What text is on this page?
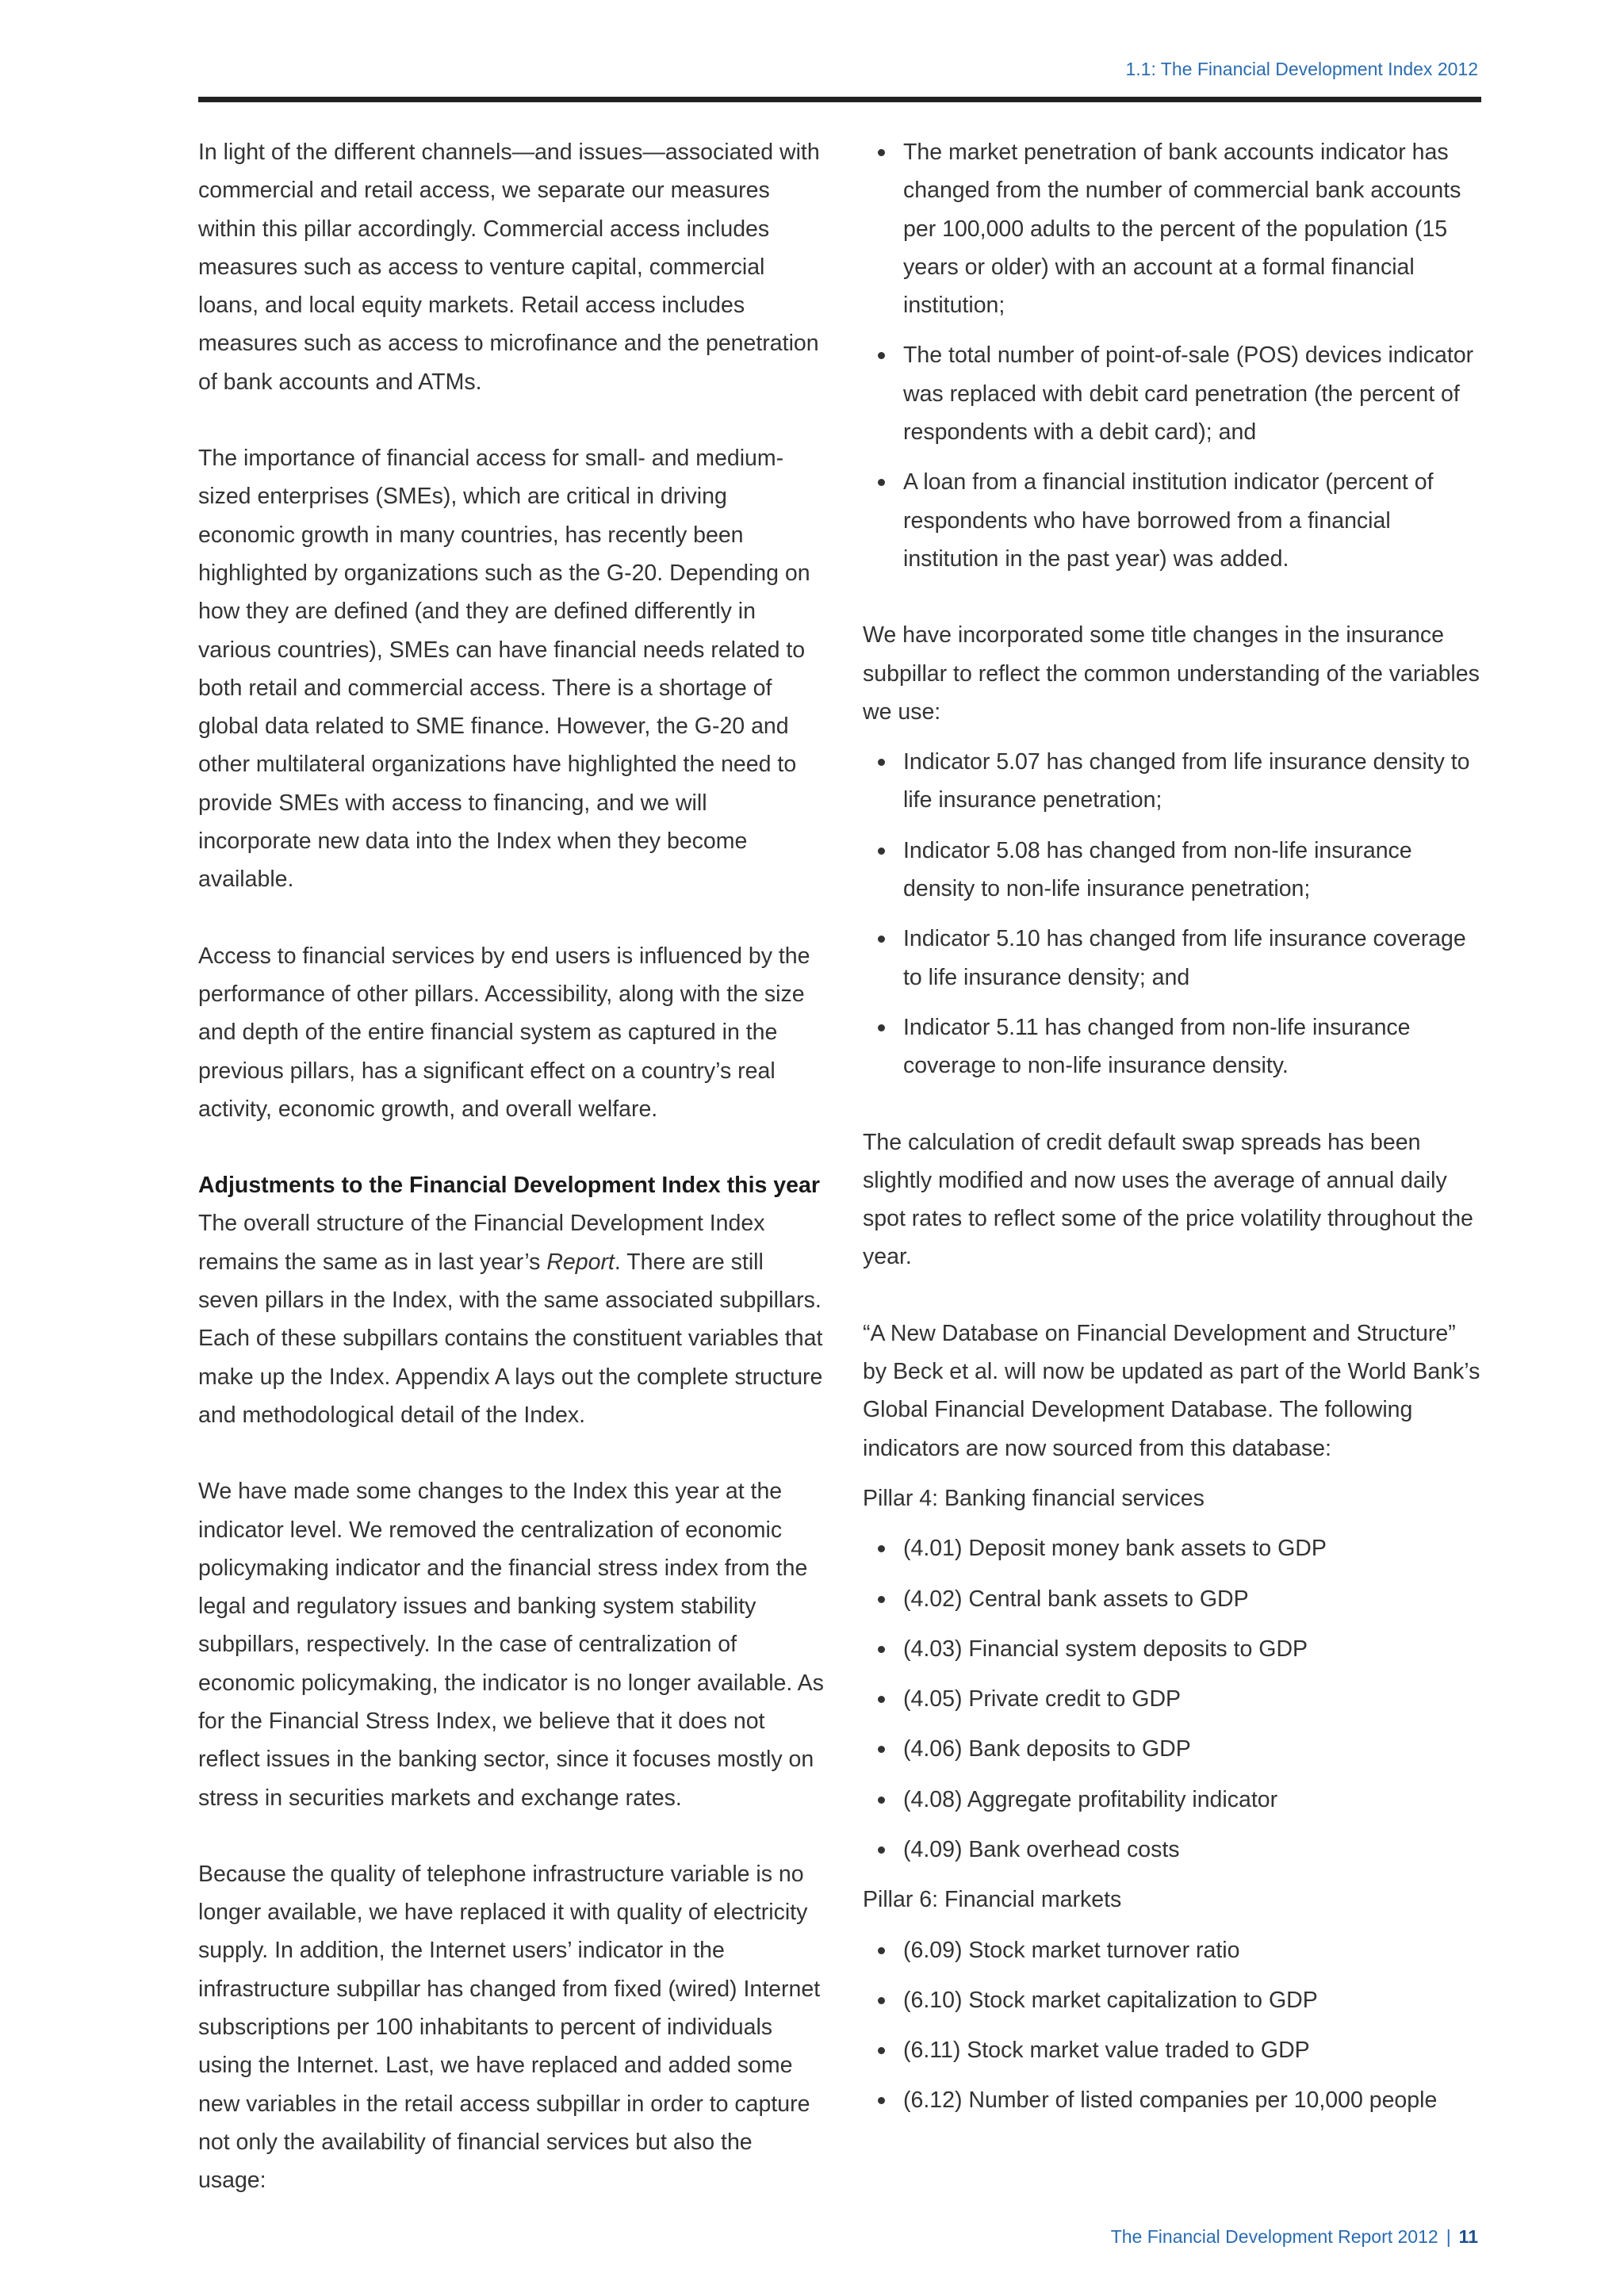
1.1: The Financial Development Index 2012

In light of the different channels—and issues—associated with commercial and retail access, we separate our measures within this pillar accordingly. Commercial access includes measures such as access to venture capital, commercial loans, and local equity markets. Retail access includes measures such as access to microfinance and the penetration of bank accounts and ATMs.

The importance of financial access for small- and medium-sized enterprises (SMEs), which are critical in driving economic growth in many countries, has recently been highlighted by organizations such as the G-20. Depending on how they are defined (and they are defined differently in various countries), SMEs can have financial needs related to both retail and commercial access. There is a shortage of global data related to SME finance. However, the G-20 and other multilateral organizations have highlighted the need to provide SMEs with access to financing, and we will incorporate new data into the Index when they become available.

Access to financial services by end users is influenced by the performance of other pillars. Accessibility, along with the size and depth of the entire financial system as captured in the previous pillars, has a significant effect on a country’s real activity, economic growth, and overall welfare.

Adjustments to the Financial Development Index this year

The overall structure of the Financial Development Index remains the same as in last year’s Report. There are still seven pillars in the Index, with the same associated subpillars. Each of these subpillars contains the constituent variables that make up the Index. Appendix A lays out the complete structure and methodological detail of the Index.

We have made some changes to the Index this year at the indicator level. We removed the centralization of economic policymaking indicator and the financial stress index from the legal and regulatory issues and banking system stability subpillars, respectively. In the case of centralization of economic policymaking, the indicator is no longer available. As for the Financial Stress Index, we believe that it does not reflect issues in the banking sector, since it focuses mostly on stress in securities markets and exchange rates.

Because the quality of telephone infrastructure variable is no longer available, we have replaced it with quality of electricity supply. In addition, the Internet users’ indicator in the infrastructure subpillar has changed from fixed (wired) Internet subscriptions per 100 inhabitants to percent of individuals using the Internet. Last, we have replaced and added some new variables in the retail access subpillar in order to capture not only the availability of financial services but also the usage:

The market penetration of bank accounts indicator has changed from the number of commercial bank accounts per 100,000 adults to the percent of the population (15 years or older) with an account at a formal financial institution;
The total number of point-of-sale (POS) devices indicator was replaced with debit card penetration (the percent of respondents with a debit card); and
A loan from a financial institution indicator (percent of respondents who have borrowed from a financial institution in the past year) was added.

We have incorporated some title changes in the insurance subpillar to reflect the common understanding of the variables we use:

Indicator 5.07 has changed from life insurance density to life insurance penetration;
Indicator 5.08 has changed from non-life insurance density to non-life insurance penetration;
Indicator 5.10 has changed from life insurance coverage to life insurance density; and
Indicator 5.11 has changed from non-life insurance coverage to non-life insurance density.

The calculation of credit default swap spreads has been slightly modified and now uses the average of annual daily spot rates to reflect some of the price volatility throughout the year.

“A New Database on Financial Development and Structure” by Beck et al. will now be updated as part of the World Bank’s Global Financial Development Database. The following indicators are now sourced from this database:

Pillar 4: Banking financial services

(4.01) Deposit money bank assets to GDP
(4.02) Central bank assets to GDP
(4.03) Financial system deposits to GDP
(4.05) Private credit to GDP
(4.06) Bank deposits to GDP
(4.08) Aggregate profitability indicator
(4.09) Bank overhead costs

Pillar 6: Financial markets

(6.09) Stock market turnover ratio
(6.10) Stock market capitalization to GDP
(6.11) Stock market value traded to GDP
(6.12) Number of listed companies per 10,000 people
The Financial Development Report 2012 | 11
